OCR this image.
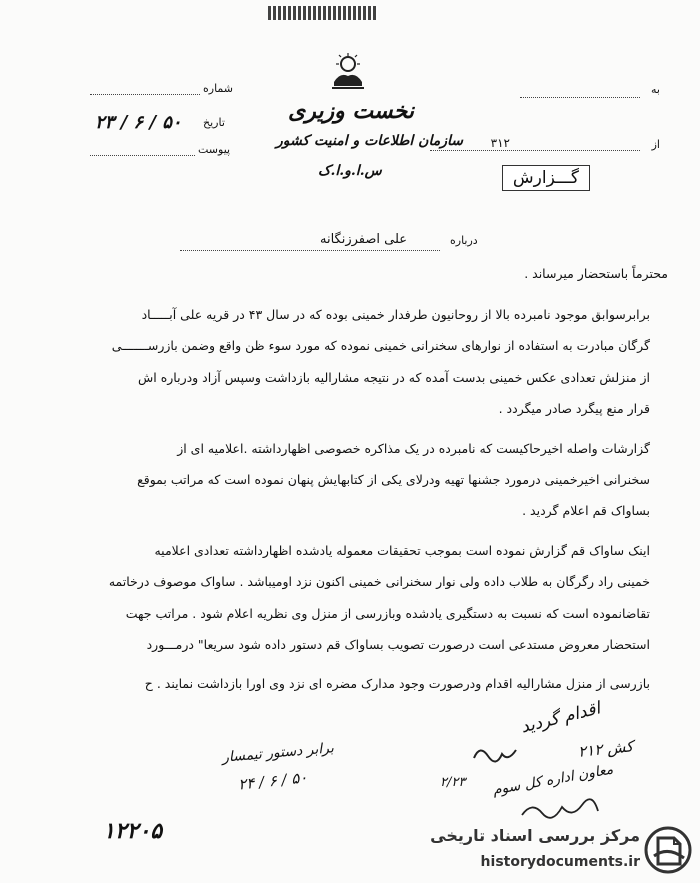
به
از
۳۱۲
گـــزارش
شماره
تاریخ
۲۳ / ۶ / ۵۰
پیوست
نخست وزیری
سازمان اطلاعات و امنیت کشور
س.ا.و.ا.ک
درباره
علی اصفرزنگانه
محترماً باستحضار میرساند .
برابرسوابق موجود نامبرده بالا از روحانیون طرفدار خمینی بوده که در سال ۴۳ در قریه علی آبـــــاد
گرگان مبادرت به استفاده از نوارهای سخنرانی خمینی نموده که مورد سوء ظن واقع وضمن بازرســـــــی
از منزلش تعدادی عکس خمینی بدست آمده که در نتیجه مشارالیه بازداشت وسپس آزاد ودرباره اش
قرار منع پیگرد صادر میگردد .
گزارشات واصله اخیرحاکیست که نامبرده در یک مذاکره خصوصی اظهارداشته .اعلامیه ای از
سخنرانی اخیرخمینی درمورد جشنها تهیه ودرلای یکی از کتابهایش پنهان نموده است که مراتب بموقع
بساواک قم اعلام گردید .
اینک ساواک قم گزارش نموده است بموجب تحقیقات معموله یادشده اظهارداشته تعدادی اعلامیه
خمینی راد رگرگان به طلاب داده ولی نوار سخنرانی خمینی اکنون نزد اومیباشد . ساواک موصوف درخاتمه
تقاضانموده است که نسبت به دستگیری یادشده وبازرسی از منزل وی نظریه اعلام شود . مراتب جهت
استحضار معروض مستدعی است درصورت تصویب بساواک قم دستور داده شود سریعا" درمـــورد
بازرسی از منزل مشارالیه اقدام ودرصورت وجود مدارک مضره ای نزد وی اورا بازداشت نمایند . ح
اقدام گردید
کش ۲۱۲
معاون اداره کل سوم
برابر دستور تیمسار
۲۴ / ۶ / ۵۰	۲/۲۳
۱۲۲۰۵	مرکز بررسی اسناد تاریخی
historydocuments.ir
